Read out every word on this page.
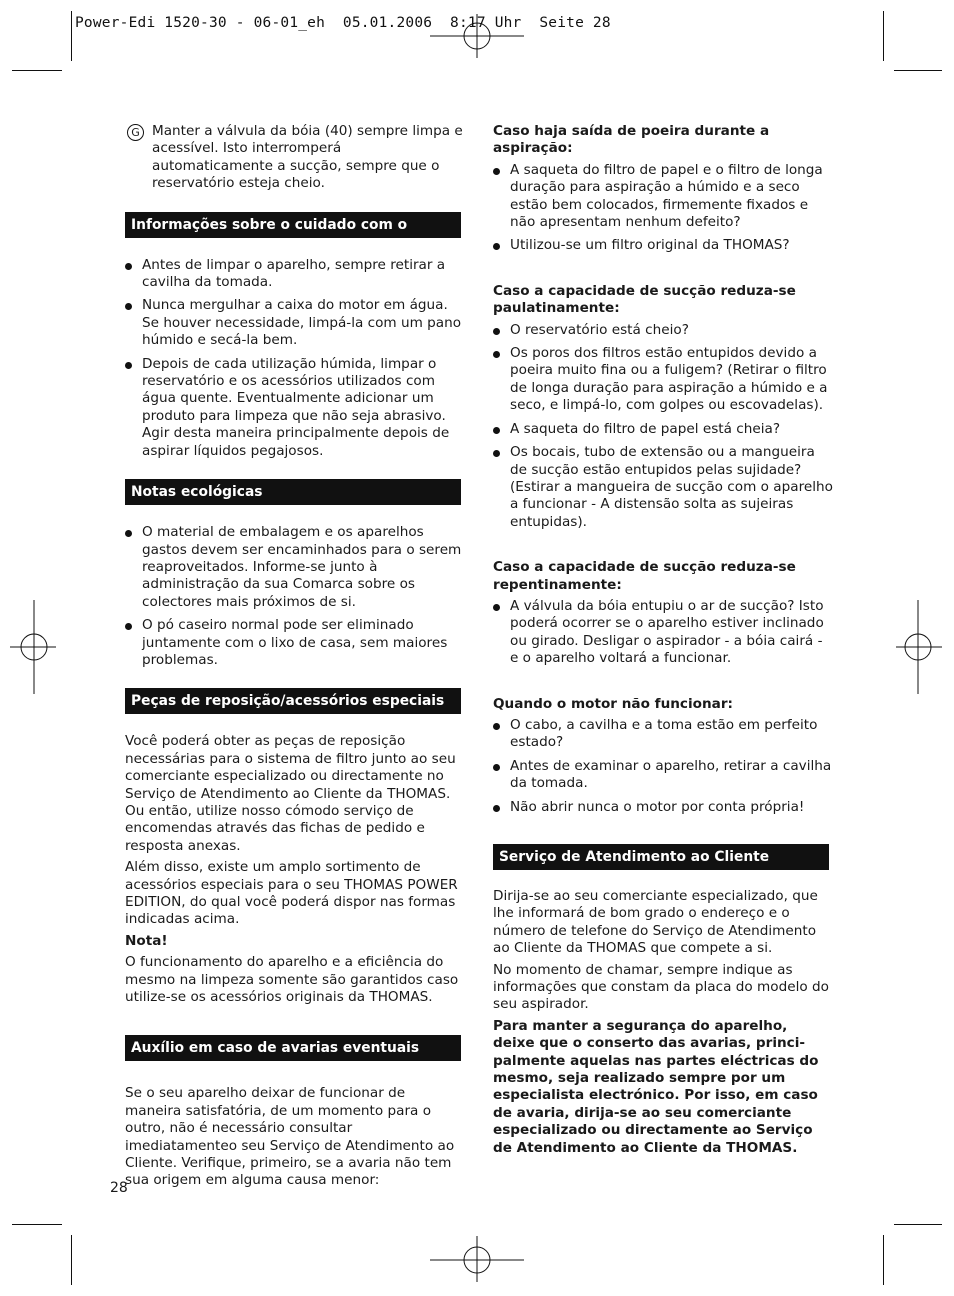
Power-Edi 1520-30 - 06-01_eh  05.01.2006  8:17 Uhr  Seite 28
G Manter a válvula da bóia (40) sempre limpa e acessível. Isto interromperá automaticamente a sucção, sempre que o reservatório esteja cheio.
Informações sobre o cuidado com o aparelho
Antes de limpar o aparelho, sempre retirar a cavilha da tomada.
Nunca mergulhar a caixa do motor em água. Se houver necessidade, limpá-la com um pano húmido e secá-la bem.
Depois de cada utilização húmida, limpar o reservatório e os acessórios utilizados com água quente. Eventualmente adicionar um produto para limpeza que não seja abrasivo. Agir desta maneira principalmente depois de aspirar líquidos pegajosos.
Notas ecológicas
O material de embalagem e os aparelhos gastos devem ser encaminhados para o serem reaproveitados. Informe-se junto à administração da sua Comarca sobre os colectores mais próximos de si.
O pó caseiro normal pode ser eliminado juntamente com o lixo de casa, sem maiores problemas.
Peças de reposição/acessórios especiais
Você poderá obter as peças de reposição necessárias para o sistema de filtro junto ao seu comerciante especializado ou directamente no Serviço de Atendimento ao Cliente da THOMAS. Ou então, utilize nosso cómodo serviço de encomendas através das fichas de pedido e resposta anexas.
Além disso, existe um amplo sortimento de acessórios especiais para o seu THOMAS POWER EDITION, do qual você poderá dispor nas formas indicadas acima.
Nota!
O funcionamento do aparelho e a eficiência do mesmo na limpeza somente são garantidos caso utilize-se os acessórios originais da THOMAS.
Auxílio em caso de avarias eventuais
Se o seu aparelho deixar de funcionar de maneira satisfatória, de um momento para o outro, não é necessário consultar imediatamenteo seu Serviço de Atendimento ao Cliente. Verifique, primeiro, se a avaria não tem sua origem em alguma causa menor:
Caso haja saída de poeira durante a aspiração:
A saqueta do filtro de papel e o filtro de longa duração para aspiração a húmido e a seco estão bem colocados, firmemente fixados e não apresentam nenhum defeito?
Utilizou-se um filtro original da THOMAS?
Caso a capacidade de sucção reduza-se paulatinamente:
O reservatório está cheio?
Os poros dos filtros estão entupidos devido a poeira muito fina ou a fuligem? (Retirar o filtro de longa duração para aspiração a húmido e a seco, e limpá-lo, com golpes ou escovadelas).
A saqueta do filtro de papel está cheia?
Os bocais, tubo de extensão ou a mangueira de sucção estão entupidos pelas sujidade? (Estirar a mangueira de sucção com o aparelho a funcionar - A distensão solta as sujeiras entupidas).
Caso a capacidade de sucção reduza-se repentinamente:
A válvula da bóia entupiu o ar de sucção? Isto poderá ocorrer se o aparelho estiver inclinado ou girado. Desligar o aspirador - a bóia cairá - e o aparelho voltará a funcionar.
Quando o motor não funcionar:
O cabo, a cavilha e a toma estão em perfeito estado?
Antes de examinar o aparelho, retirar a cavilha da tomada.
Não abrir nunca o motor por conta própria!
Serviço de Atendimento ao Cliente
Dirija-se ao seu comerciante especializado, que lhe informará de bom grado o endereço e o número de telefone do Serviço de Atendimento ao Cliente da THOMAS que compete a si.
No momento de chamar, sempre indique as informações que constam da placa do modelo do seu aspirador.
Para manter a segurança do aparelho, deixe que o conserto das avarias, princi-palmente aquelas nas partes eléctricas do mesmo, seja realizado sempre por um especialista electrónico. Por isso, em caso de avaria, dirija-se ao seu comerciante especializado ou directamente ao Serviço de Atendimento ao Cliente da THOMAS.
28
